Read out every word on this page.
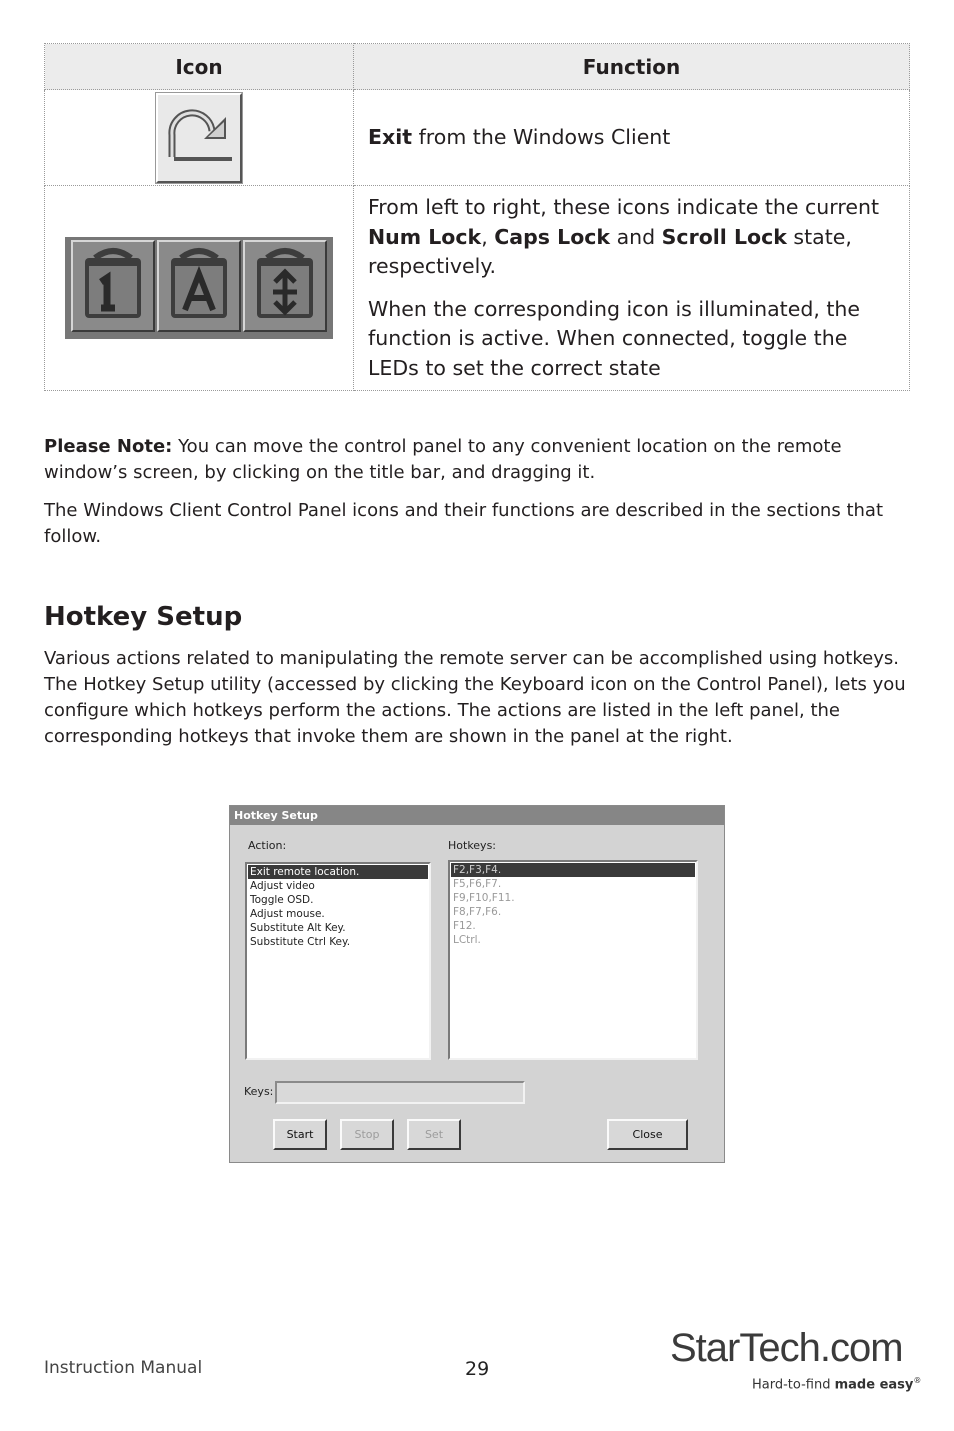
Icon	Function

Exit from the Windows Client

From left to right, these icons indicate the current Num Lock, Caps Lock and Scroll Lock state, respectively.

When the corresponding icon is illuminated, the function is active. When connected, toggle the LEDs to set the correct state

Please Note: You can move the control panel to any convenient location on the remote window’s screen, by clicking on the title bar, and dragging it.

The Windows Client Control Panel icons and their functions are described in the sections that follow.

Hotkey Setup

Various actions related to manipulating the remote server can be accomplished using hotkeys. The Hotkey Setup utility (accessed by clicking the Keyboard icon on the Control Panel), lets you configure which hotkeys perform the actions. The actions are listed in the left panel, the corresponding hotkeys that invoke them are shown in the panel at the right.

Hotkey Setup
Action:	Hotkeys:
Exit remote location.
Adjust video
Toggle OSD.
Adjust mouse.
Substitute Alt Key.
Substitute Ctrl Key.
F2,F3,F4.
F5,F6,F7.
F9,F10,F11.
F8,F7,F6.
F12.
LCtrl.
Keys:
Start	Stop	Set	Close
Instruction Manual	29	StarTech.com
Hard-to-find made easy®
